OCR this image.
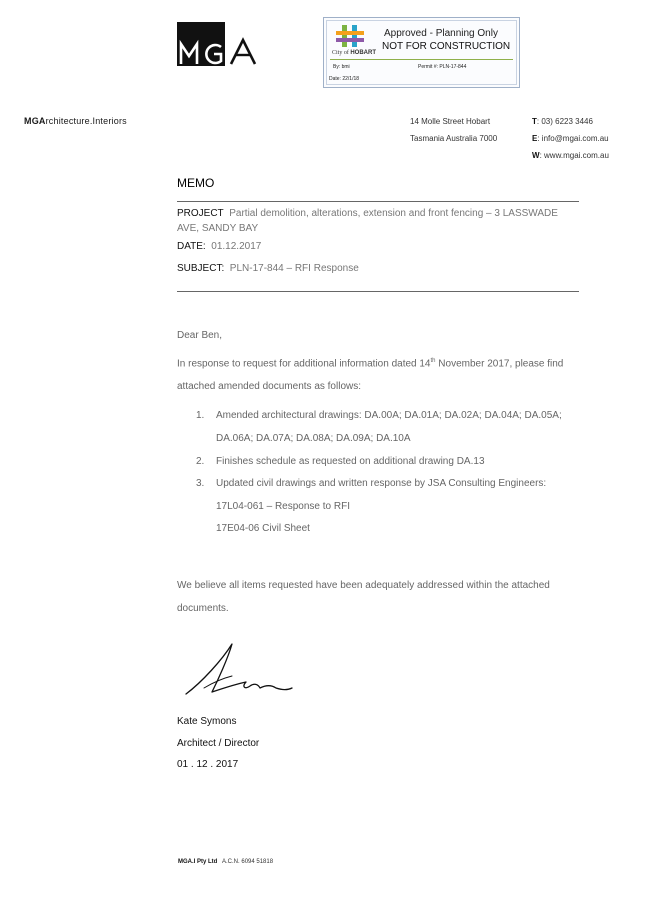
City of HOBART
Approved - Planning Only
NOT FOR CONSTRUCTION
By: bmi	Permit #: PLN-17-844
Date: 22/1/18
MGArchitecture.Interiors	14 Molle Street Hobart
Tasmania Australia 7000
T: 03) 6223 3446
E: info@mgai.com.au
W: www.mgai.com.au
MEMO
PROJECT Partial demolition, alterations, extension and front fencing – 3 LASSWADE AVE, SANDY BAY
DATE: 01.12.2017
SUBJECT: PLN-17-844 – RFI Response
Dear Ben,
In response to request for additional information dated 14th November 2017, please find
attached amended documents as follows:
1. Amended architectural drawings: DA.00A; DA.01A; DA.02A; DA.04A; DA.05A;
DA.06A; DA.07A; DA.08A; DA.09A; DA.10A
2. Finishes schedule as requested on additional drawing DA.13
3. Updated civil drawings and written response by JSA Consulting Engineers:
17L04-061 – Response to RFI
17E04-06 Civil Sheet
We believe all items requested have been adequately addressed within the attached
documents.
Kate Symons
Architect / Director
01 . 12 . 2017
MGA.I Pty Ltd A.C.N. 6094 51818
